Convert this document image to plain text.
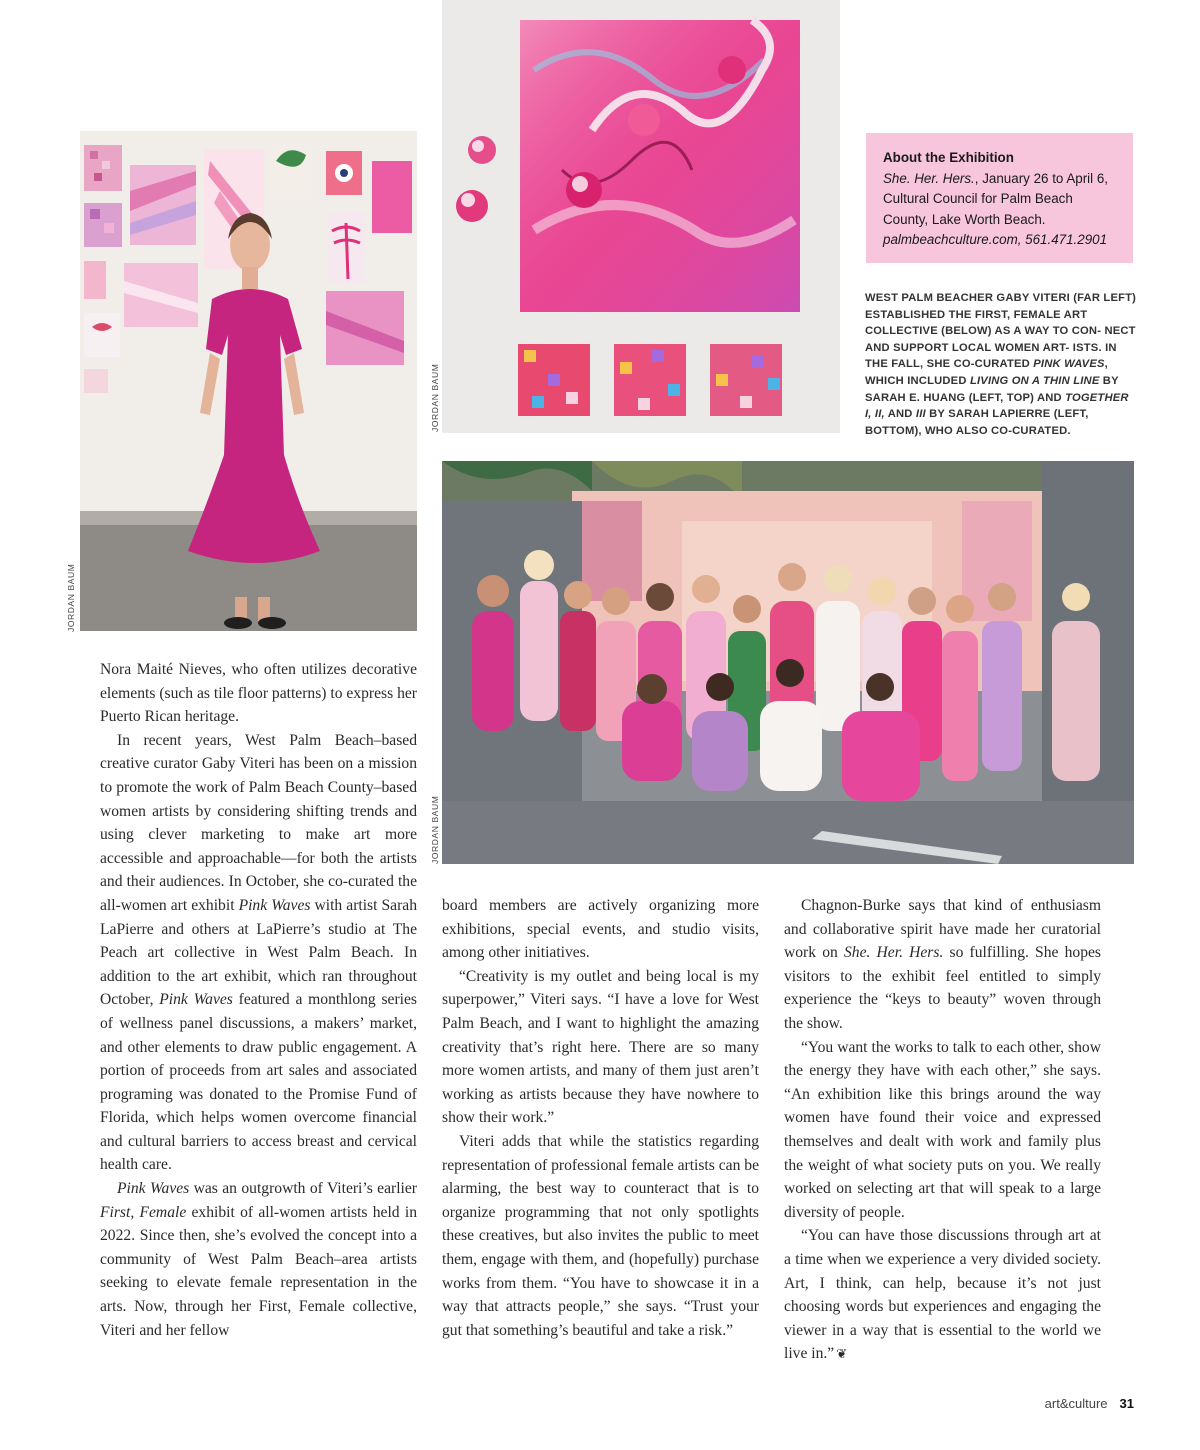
JORDAN BAUM
JORDAN BAUM
About the Exhibition
She. Her. Hers., January 26 to April 6, Cultural Council for Palm Beach County, Lake Worth Beach.
palmbeachculture.com, 561.471.2901
WEST PALM BEACHER GABY VITERI (FAR LEFT) ESTABLISHED THE FIRST, FEMALE ART COLLECTIVE (BELOW) AS A WAY TO CON- NECT AND SUPPORT LOCAL WOMEN ART- ISTS. IN THE FALL, SHE CO-CURATED PINK WAVES, WHICH INCLUDED LIVING ON A THIN LINE BY SARAH E. HUANG (LEFT, TOP) AND TOGETHER I, II, AND III BY SARAH LAPIERRE (LEFT, BOTTOM), WHO ALSO CO-CURATED.
JORDAN BAUM

Nora Maité Nieves, who often utilizes decorative elements (such as tile floor patterns) to express her Puerto Rican heritage.

In recent years, West Palm Beach–based creative curator Gaby Viteri has been on a mission to promote the work of Palm Beach County–based women artists by considering shifting trends and using clever marketing to make art more accessible and approachable—for both the artists and their audiences. In October, she co-curated the all-women art exhibit Pink Waves with artist Sarah LaPierre and others at LaPierre’s studio at The Peach art collective in West Palm Beach. In addition to the art exhibit, which ran throughout October, Pink Waves featured a monthlong series of wellness panel discussions, a makers’ market, and other elements to draw public engagement. A portion of proceeds from art sales and associated programing was donated to the Promise Fund of Florida, which helps women overcome financial and cultural barriers to access breast and cervical health care.

Pink Waves was an outgrowth of Viteri’s earlier First, Female exhibit of all-women artists held in 2022. Since then, she’s evolved the concept into a community of West Palm Beach–area artists seeking to elevate female representation in the arts. Now, through her First, Female collective, Viteri and her fellow

board members are actively organizing more exhibitions, special events, and studio visits, among other initiatives.

“Creativity is my outlet and being local is my superpower,” Viteri says. “I have a love for West Palm Beach, and I want to highlight the amazing creativity that’s right here. There are so many more women artists, and many of them just aren’t working as artists because they have nowhere to show their work.”

Viteri adds that while the statistics regarding representation of professional female artists can be alarming, the best way to counteract that is to organize programming that not only spotlights these creatives, but also invites the public to meet them, engage with them, and (hopefully) purchase works from them. “You have to showcase it in a way that attracts people,” she says. “Trust your gut that something’s beautiful and take a risk.”

Chagnon-Burke says that kind of enthusiasm and collaborative spirit have made her curatorial work on She. Her. Hers. so fulfilling. She hopes visitors to the exhibit feel entitled to simply experience the “keys to beauty” woven through the show.

“You want the works to talk to each other, show the energy they have with each other,” she says. “An exhibition like this brings around the way women have found their voice and expressed themselves and dealt with work and family plus the weight of what society puts on you. We really worked on selecting art that will speak to a large diversity of people.

“You can have those discussions through art at a time when we experience a very divided society. Art, I think, can help, because it’s not just choosing words but experiences and engaging the viewer in a way that is essential to the world we live in.” ❦

art&culture 31
